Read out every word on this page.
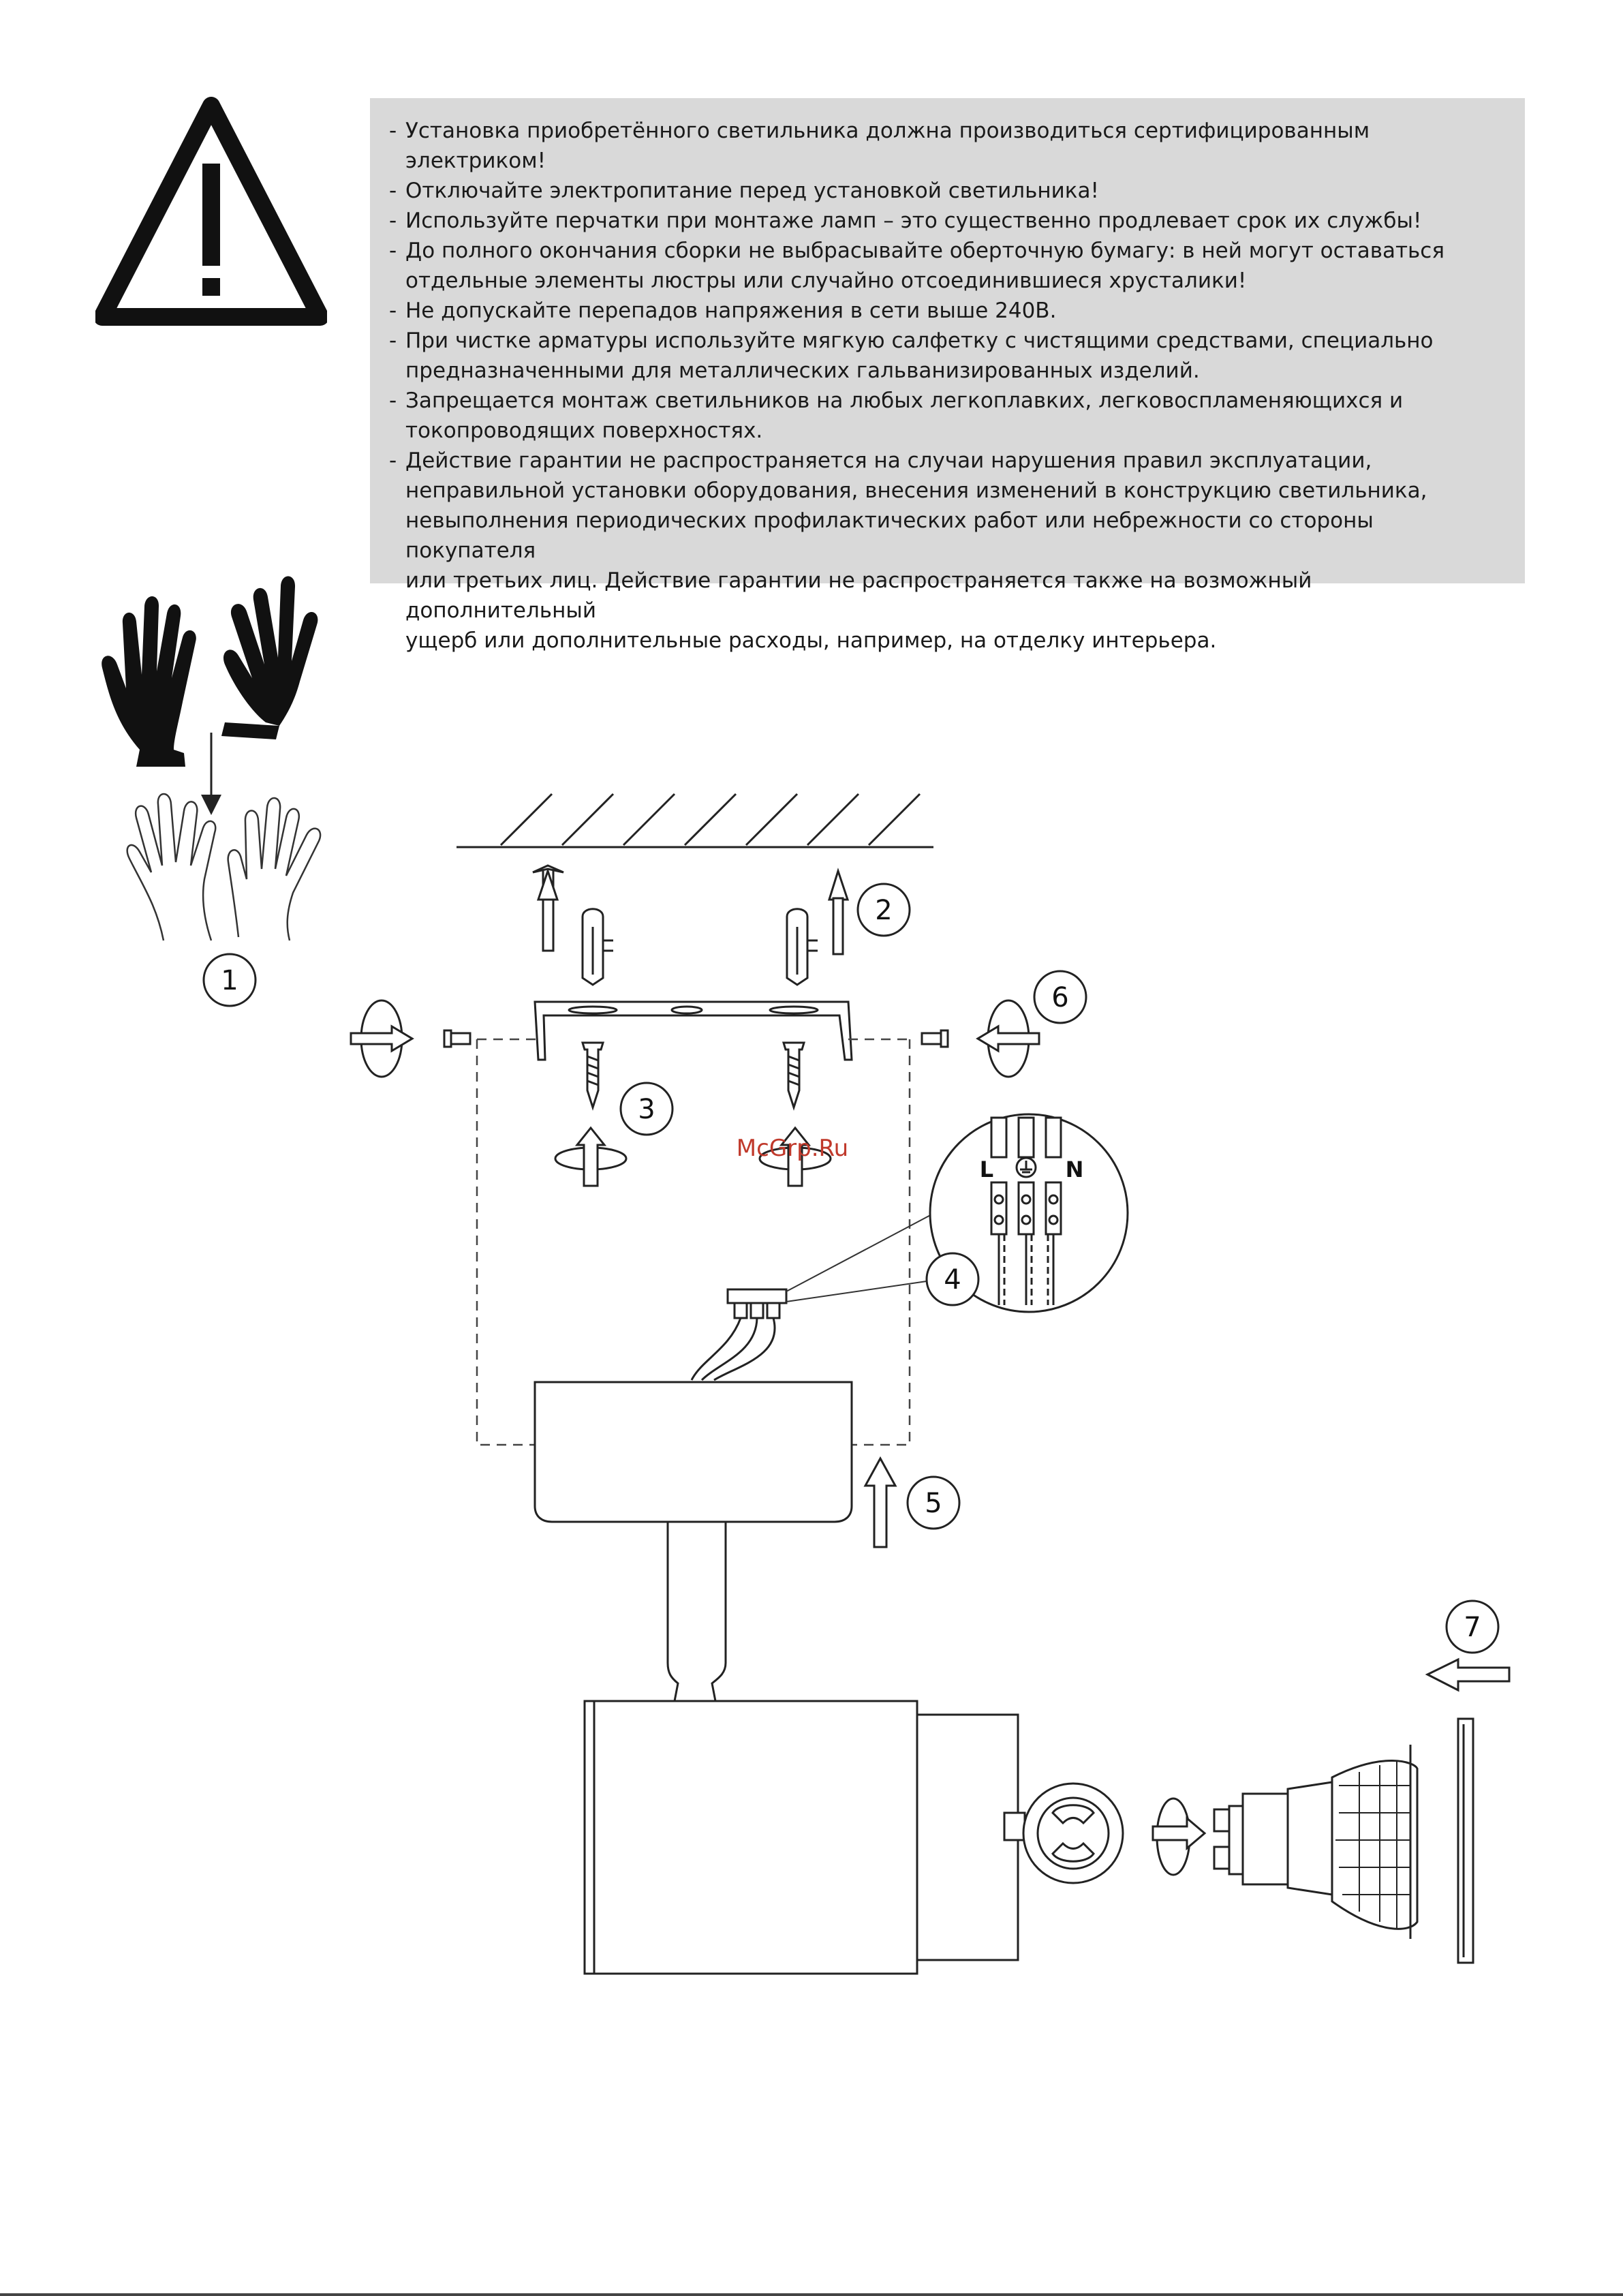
- Установка приобретённого светильника должна производиться сертифицированным электриком!
- Отключайте электропитание перед установкой светильника!
- Используйте перчатки при монтаже ламп – это существенно продлевает срок их службы!
- До полного окончания сборки не выбрасывайте оберточную бумагу: в ней могут оставаться
отдельные элементы люстры или случайно отсоединившиеся хрусталики!
- Не допускайте перепадов напряжения в сети выше 240В.
- При чистке арматуры используйте мягкую салфетку с чистящими средствами, специально
предназначенными для металлических гальванизированных изделий.
- Запрещается монтаж светильников на любых легкоплавких, легковоспламеняющихся и
токопроводящих поверхностях.
- Действие гарантии не распространяется на случаи нарушения правил эксплуатации,
неправильной установки оборудования, внесения изменений в конструкцию светильника,
невыполнения периодических профилактических работ или небрежности со стороны покупателя
или третьих лиц. Действие гарантии не распространяется также на возможный дополнительный
ущерб или дополнительные расходы, например, на отделку интерьера.
L	N
1
2
3
4
5
6
7
McGrp.Ru
